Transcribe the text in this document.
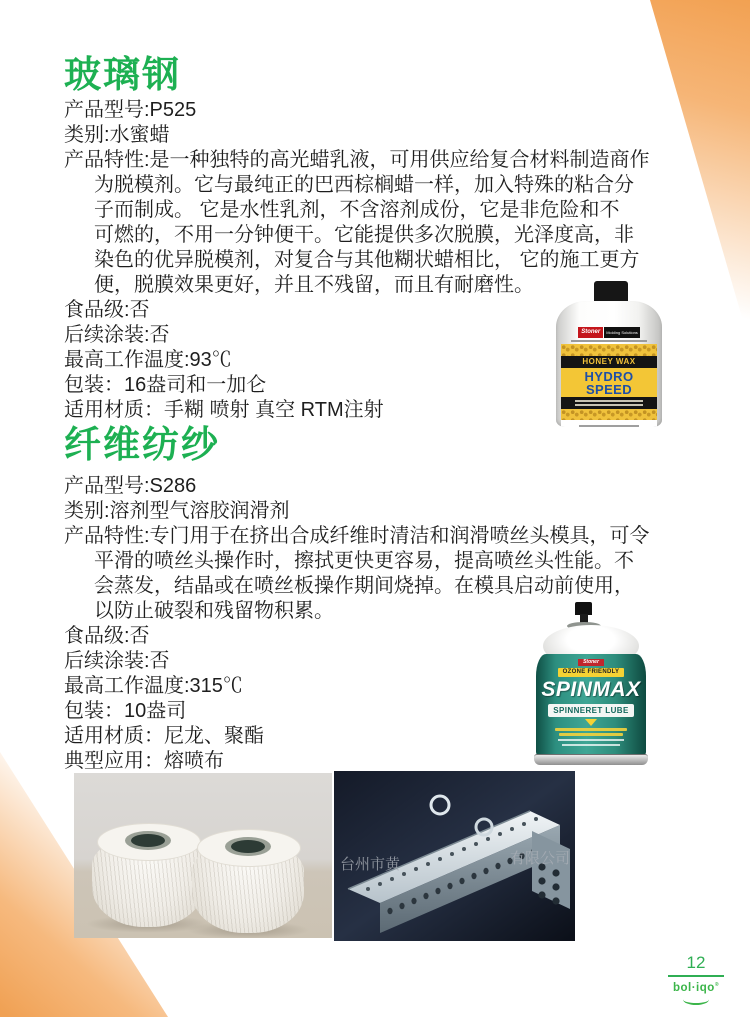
玻璃钢
产品型号:P525
类别:水蜜蜡
产品特性:是一种独特的高光蜡乳液，可用供应给复合材料制造商作
为脱模剂。它与最纯正的巴西棕榈蜡一样，加入特殊的粘合分
子而制成。 它是水性乳剂，不含溶剂成份，它是非危险和不
可燃的，不用一分钟便干。它能提供多次脱膜，光泽度高，非
染色的优异脱模剂，对复合与其他糊状蜡相比， 它的施工更方
便，脱膜效果更好，并且不残留，而且有耐磨性。
食品级:否
后续涂装:否
最高工作温度:93℃
包装：16盎司和一加仑
适用材质：手糊 喷射 真空 RTM注射
Stoner	Molding Solutions
HONEY WAX
HYDRO
SPEED
纤维纺纱
产品型号:S286
类别:溶剂型气溶胶润滑剂
产品特性:专门用于在挤出合成纤维时清洁和润滑喷丝头模具，可令
平滑的喷丝头操作时，擦拭更快更容易，提高喷丝头性能。不
会蒸发，结晶或在喷丝板操作期间烧掉。在模具启动前使用，
以防止破裂和残留物积累。
食品级:否
后续涂装:否
最高工作温度:315℃
包装：10盎司
适用材质：尼龙、聚酯
典型应用：熔喷布
Stoner
OZONE FRIENDLY
SPINMAX
SPINNERET LUBE
台州市黄	有限公司
12
bol·iqo®
